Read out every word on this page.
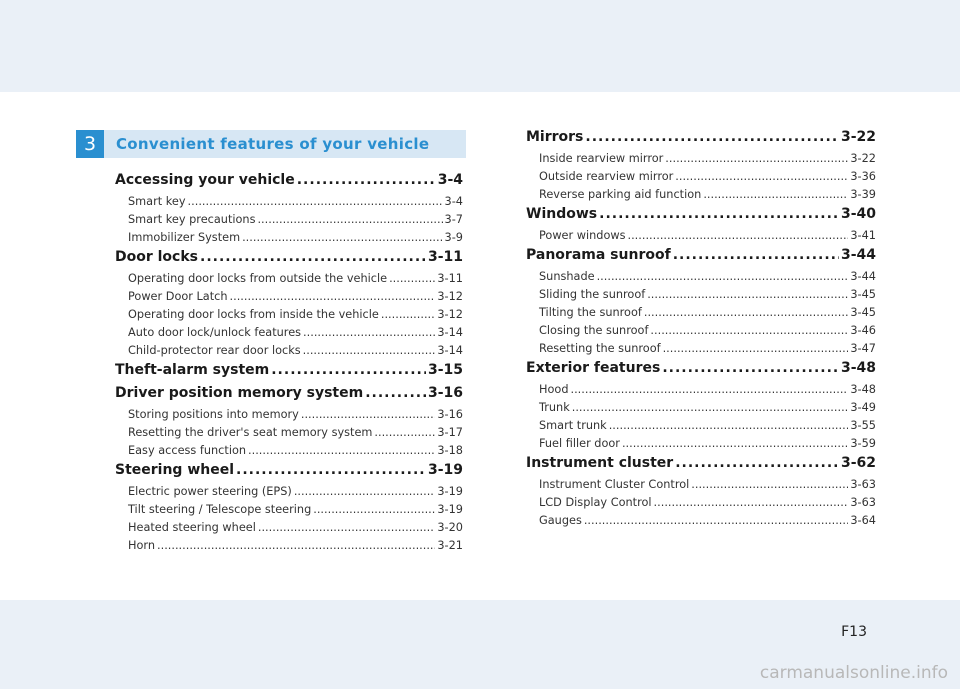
3	Convenient features of your vehicle
Accessing your vehicle .....	3-4
Smart key .....	3-4
Smart key precautions .....	3-7
Immobilizer System .....	3-9
Door locks .....	3-11
Operating door locks from outside the vehicle .....	3-11
Power Door Latch .....	3-12
Operating door locks from inside the vehicle .....	3-12
Auto door lock/unlock features .....	3-14
Child-protector rear door locks .....	3-14
Theft-alarm system .....	3-15
Driver position memory system .....	3-16
Storing positions into memory .....	3-16
Resetting the driver's seat memory system .....	3-17
Easy access function .....	3-18
Steering wheel .....	3-19
Electric power steering (EPS) .....	3-19
Tilt steering / Telescope steering .....	3-19
Heated steering wheel .....	3-20
Horn .....	3-21
Mirrors .....	3-22
Inside rearview mirror .....	3-22
Outside rearview mirror .....	3-36
Reverse parking aid function .....	3-39
Windows .....	3-40
Power windows .....	3-41
Panorama sunroof .....	3-44
Sunshade .....	3-44
Sliding the sunroof .....	3-45
Tilting the sunroof .....	3-45
Closing the sunroof .....	3-46
Resetting the sunroof .....	3-47
Exterior features .....	3-48
Hood .....	3-48
Trunk .....	3-49
Smart trunk .....	3-55
Fuel filler door .....	3-59
Instrument cluster .....	3-62
Instrument Cluster Control .....	3-63
LCD Display Control .....	3-63
Gauges .....	3-64
F13
carmanualsonline.info
